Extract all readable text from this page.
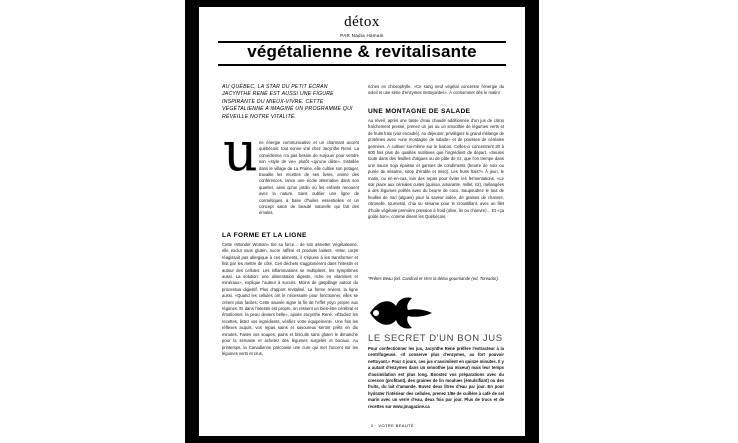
détox
PAR Nadia Hamam
végétalienne & revitalisante
AU QUÉBEC, LA STAR DU PETIT ÉCRAN JACYNTHE RENÉ EST AUSSI UNE FIGURE INSPIRANTE DU MIEUX-VIVRE. CETTE VÉGÉTALIENNE A IMAGINÉ UN PROGRAMME QUI RÉVEILLE NOTRE VITALITÉ.
u ne énergie communicative et un charmant accent québécois: tout sonne vrai chez Jacynthe René. La comédienne n'a pas besoin de surjouer pour vendre son «style de vie» plutôt «qu'une diète». Installée dans le village de La Prairie, elle cultive son potager, travaille les recettes de ses livres, anime des conférences, lance une école alternative dans son quartier, ainsi qu'un jardin où les enfants renouent avec la nature. Sans oublier une ligne de cosmétiques à base d'huiles essentielles et un concept salon de beauté naturelle qui fait des émules.

LA FORME ET LA LIGNE

Cette «Wonder Woman» tire sa force… de son assiette! Végétalienne, elle exclut sans gluten, sucre raffiné et produits laitiers. «Mon corps réagissait pas allergique à ces aliments, il s'épuise à les transformer et finit par les mettre de côté. Ces déchets s'agglomèrent dans l'intestin et autour des cellules. Les inflammations se multiplient, les symptômes aussi. La solution: une alimentation digeste, riche en vitamines et minéraux», explique l'auteur à succès. Moins de gaspillage autour du processus digestif. Plus d'apport revitalisé. La forme revient, la ligne aussi. «Quand les cellules ont le nécessaire pour fonctionner, elles se créent plus faciles. Cette sauvée signe la fin de l'effet yoyo propre aux régimes. Et dans l'intestin est propre, on ressent un bien-être cérébral et émotionnel. la peau devient belle», ajoute Jacynthe René. «Étudiez les recettes, listez vos ingrédients, vérifiez votre équipement». Une fois les réflexes acquis, vos repas sains et savoureux seront prêts en dix minutes. Faites vos soupes, pains et biscuits sans gluten le dimanche pour la semaine et achetez des légumes surgelés et bocaux. Au printemps, la Canadienne préconise une cure qui met l'accent sur les légumes verts et crus,

riches en chlorophylle. «Ce sang neuf végétal concentre l'énergie du soleil et une série d'enzymes nettoyantes». À consommer dès le matin!

UNE MONTAGNE DE SALADE

Au réveil, après une tasse d'eau chaude additionnée d'un jus de citron fraîchement pressé, prenez un jus ou un smoothie de légumes verts et de fruits frais (voir encadré). Au déjeuner, privilégiez le grand mélange de protéines avec «une montagne de salade» et de pousses de céréales germées. À cultiver soi-même sur le balcon. Celles-ci concentrent 20 à 600 fois plus de qualités nutritives que l'ingrédient de départ. «Seules toute dans des feuilles d'algues ou de pâte de riz, que l'on trempe dans une sauce soja épaisse et garnies de condiments (beurre de noix ou purée de sésame, sirop d'érable et miso). Les fruits frais?» À jeun, le matin, ou en-en-cas, loin des repas pour éviter les fermentations. «Le soir place aux céréales cuites (quinoa, amarante, millet, riz), mélangées à des légumes poêlés avec du beurre de coco. Saupoudrez le tout de feuilles de nori (algues) pour la saveur iodée, de graines de chanvre, citronelle, tournesol, chia ou sésame pour le croustillant, avec un filet d'huile végétale première pression à froid (olive, lin ou chanvre)… Et «ça goûte bon», comme disent les Québécois.

*Prêtes Beau (ed. Cardinal et Vers la détox gourmande (ed. Toreador).

LE SECRET D'UN BON JUS

Pour confectionner les jus, Jacynthe René préfère l'extracteur à la centrifugeuse. «Il conserve plus d'enzymes, au fort pouvoir nettoyant.» Pour 4 jours, ces jus s'assimilent en quinze minutes. Il y a autant d'enzymes dans un smoothie (au mixeur) mais leur temps d'assimilation est plus long. Boostez vos préparations avec du cresson (profitant), des graines de lin moulues (émulsifiant) ou des fruits, du lait d'amande. Buvez deux litres d'eau par jour. En pour hydrater l'intérieur des cellules, prenez 1/8e de cuillère à café de sel marin avec un verre d'eau, deux fois par jour. Plus de trucs et de recettes sur www.jmagazine.ca

2 · VOTRE BEAUTÉ
